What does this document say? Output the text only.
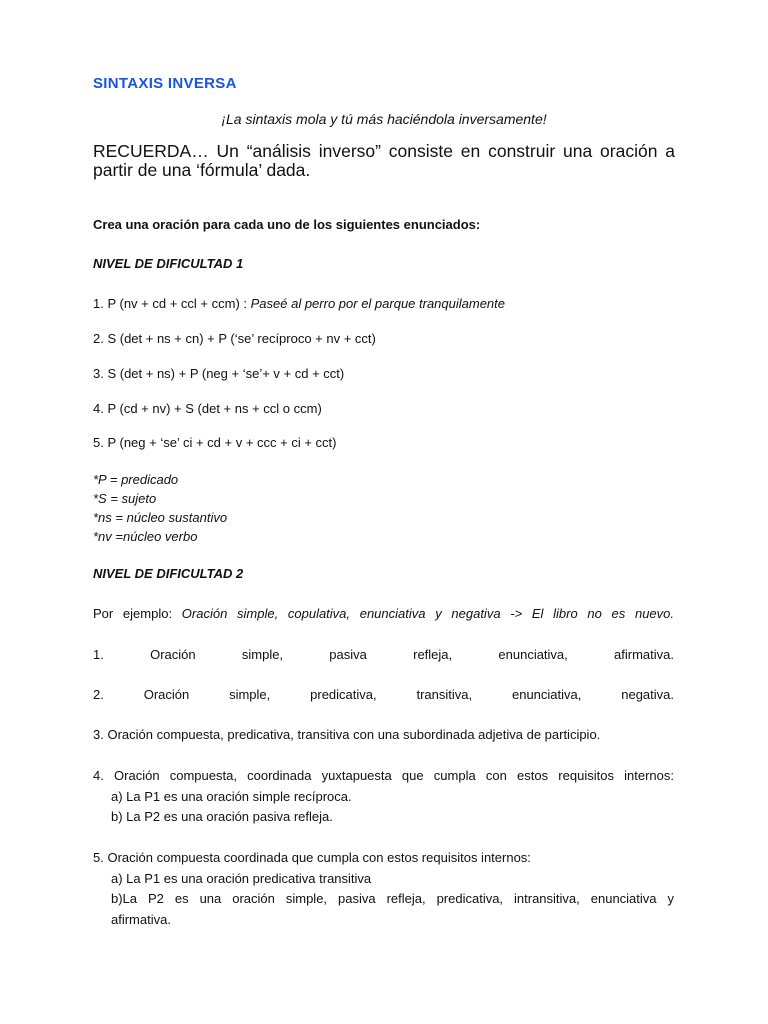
SINTAXIS INVERSA

¡La sintaxis mola y tú más haciéndola inversamente!

RECUERDA… Un “análisis inverso” consiste en construir una oración a partir de una ‘fórmula’ dada.

Crea una oración para cada uno de los siguientes enunciados:

NIVEL DE DIFICULTAD 1

1. P (nv + cd + ccl + ccm) : Paseé al perro por el parque tranquilamente

2. S (det + ns + cn) + P (‘se’ recíproco + nv + cct)

3. S (det + ns) + P (neg + ‘se’+ v + cd + cct)

4. P (cd + nv) + S (det + ns + ccl o ccm)

5. P (neg + ‘se’ ci + cd + v + ccc + ci + cct)

*P = predicado
*S = sujeto
*ns = núcleo sustantivo
*nv =núcleo verbo

NIVEL DE DIFICULTAD 2

Por ejemplo: Oración simple, copulativa, enunciativa y negativa -> El libro no es nuevo.

1. Oración simple, pasiva refleja, enunciativa, afirmativa.

2. Oración simple, predicativa, transitiva, enunciativa, negativa.

3. Oración compuesta, predicativa, transitiva con una subordinada adjetiva de participio.

4. Oración compuesta, coordinada yuxtapuesta que cumpla con estos requisitos internos:

a) La P1 es una oración simple recíproca.

b) La P2 es una oración pasiva refleja.

5. Oración compuesta coordinada que cumpla con estos requisitos internos:

a) La P1 es una oración predicativa transitiva

b)La P2 es una oración simple, pasiva refleja, predicativa, intransitiva, enunciativa y

afirmativa.
